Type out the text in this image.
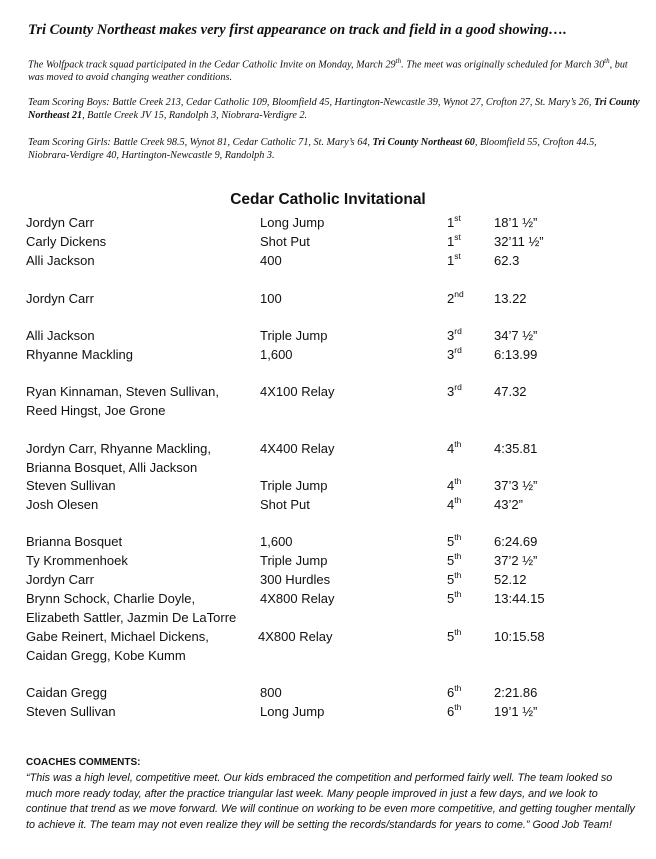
Tri County Northeast makes very first appearance on track and field in a good showing….
The Wolfpack track squad participated in the Cedar Catholic Invite on Monday, March 29th. The meet was originally scheduled for March 30th, but was moved to avoid changing weather conditions.
Team Scoring Boys: Battle Creek 213, Cedar Catholic 109, Bloomfield 45, Hartington-Newcastle 39, Wynot 27, Crofton 27, St. Mary’s 26, Tri County Northeast 21, Battle Creek JV 15, Randolph 3, Niobrara-Verdigre 2.
Team Scoring Girls: Battle Creek 98.5, Wynot 81, Cedar Catholic 71, St. Mary’s 64, Tri County Northeast 60, Bloomfield 55, Crofton 44.5, Niobrara-Verdigre 40, Hartington-Newcastle 9, Randolph 3.
Cedar Catholic Invitational
Jordyn Carr	Long Jump	1st	18’1 ½”
Carly Dickens	Shot Put	1st	32’11 ½”
Alli Jackson	400	1st	62.3
Jordyn Carr	100	2nd	13.22
Alli Jackson	Triple Jump	3rd	34’7 ½”
Rhyanne Mackling	1,600	3rd	6:13.99
Ryan Kinnaman, Steven Sullivan,
Reed Hingst, Joe Grone
4X100 Relay	3rd	47.32
Jordyn Carr, Rhyanne Mackling,
Brianna Bosquet, Alli Jackson
4X400 Relay	4th	4:35.81
Steven Sullivan	Triple Jump	4th	37’3 ½”
Josh Olesen	Shot Put	4th	43’2”
Brianna Bosquet	1,600	5th	6:24.69
Ty Krommenhoek	Triple Jump	5th	37’2 ½”
Jordyn Carr	300 Hurdles	5th	52.12
Brynn Schock, Charlie Doyle,
Elizabeth Sattler, Jazmin De LaTorre
4X800 Relay	5th	13:44.15
Gabe Reinert, Michael Dickens,
Caidan Gregg, Kobe Kumm
4X800 Relay	5th	10:15.58
Caidan Gregg	800	6th	2:21.86
Steven Sullivan	Long Jump	6th	19’1 ½”
COACHES COMMENTS:
“This was a high level, competitive meet. Our kids embraced the competition and performed fairly well. The team looked so much more ready today, after the practice triangular last week. Many people improved in just a few days, and we look to continue that trend as we move forward. We will continue on working to be even more competitive, and getting tougher mentally to achieve it. The team may not even realize they will be setting the records/standards for years to come.” Good Job Team!
